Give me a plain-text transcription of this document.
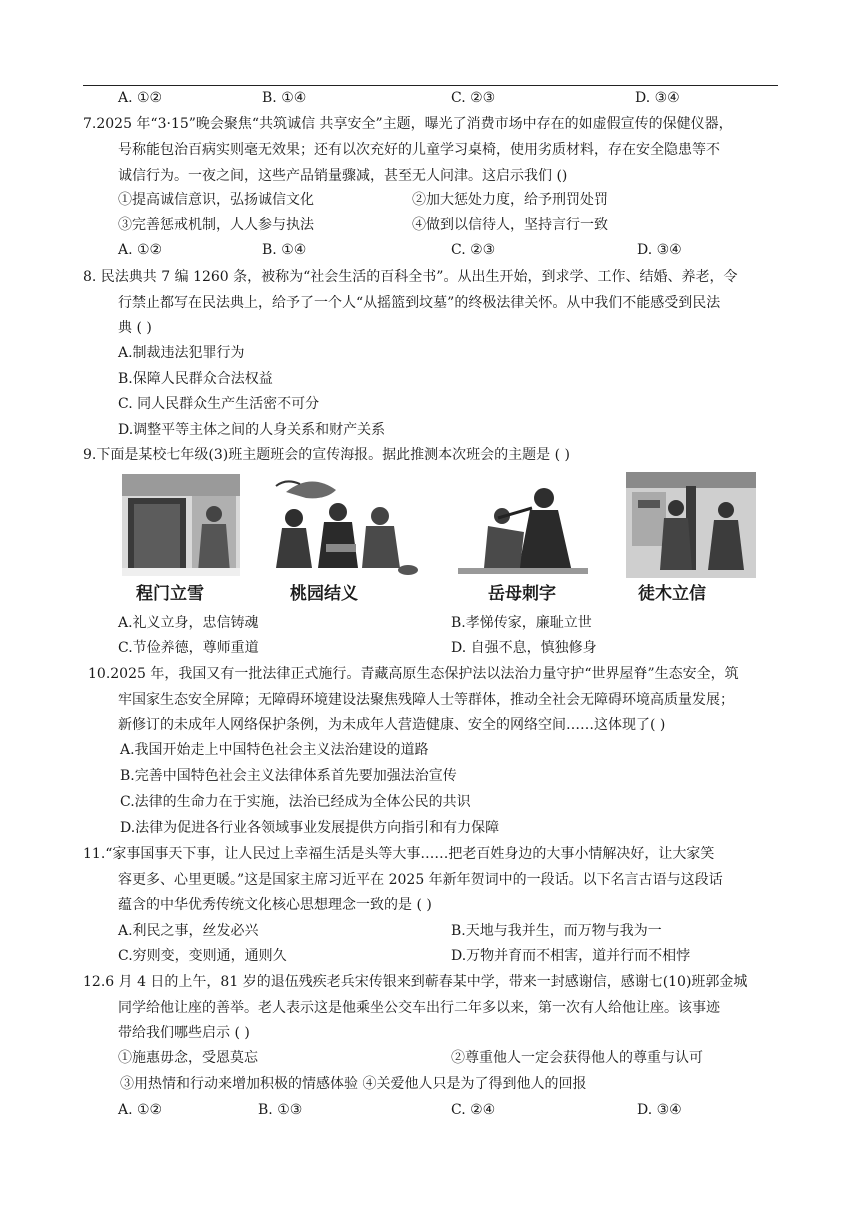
A. ①②	B. ①④	C. ②③	D. ③④
7.2025 年“3·15”晚会聚焦“共筑诚信 共享安全”主题，曝光了消费市场中存在的如虚假宣传的保健仪器，
号称能包治百病实则毫无效果；还有以次充好的儿童学习桌椅，使用劣质材料，存在安全隐患等不
诚信行为。一夜之间，这些产品销量骤减，甚至无人问津。这启示我们 ()
①提高诚信意识，弘扬诚信文化	②加大惩处力度，给予刑罚处罚
③完善惩戒机制，人人参与执法	④做到以信待人，坚持言行一致
A. ①②	B. ①④	C. ②③	D. ③④
8. 民法典共 7 编 1260 条，被称为“社会生活的百科全书”。从出生开始，到求学、工作、结婚、养老，令
行禁止都写在民法典上，给予了一个人“从摇篮到坟墓”的终极法律关怀。从中我们不能感受到民法
典 ( )
A.制裁违法犯罪行为
B.保障人民群众合法权益
C. 同人民群众生产生活密不可分
D.调整平等主体之间的人身关系和财产关系
9.下面是某校七年级(3)班主题班会的宣传海报。据此推测本次班会的主题是 ( )
程门立雪	桃园结义	岳母刺字	徒木立信
A.礼义立身，忠信铸魂	B.孝悌传家，廉耻立世
C.节俭养德，尊师重道	D. 自强不息，慎独修身
10.2025 年，我国又有一批法律正式施行。青藏高原生态保护法以法治力量守护“世界屋脊”生态安全，筑
牢国家生态安全屏障；无障碍环境建设法聚焦残障人士等群体，推动全社会无障碍环境高质量发展；
新修订的未成年人网络保护条例，为未成年人营造健康、安全的网络空间……这体现了( )
A.我国开始走上中国特色社会主义法治建设的道路
B.完善中国特色社会主义法律体系首先要加强法治宣传
C.法律的生命力在于实施，法治已经成为全体公民的共识
D.法律为促进各行业各领域事业发展提供方向指引和有力保障
11.“家事国事天下事，让人民过上幸福生活是头等大事……把老百姓身边的大事小情解决好，让大家笑
容更多、心里更暖。”这是国家主席习近平在 2025 年新年贺词中的一段话。以下名言古语与这段话
蕴含的中华优秀传统文化核心思想理念一致的是 ( )
A.利民之事，丝发必兴	B.天地与我并生，而万物与我为一
C.穷则变，变则通，通则久	D.万物并育而不相害，道并行而不相悖
12.6 月 4 日的上午，81 岁的退伍残疾老兵宋传银来到蕲春某中学，带来一封感谢信，感谢七(10)班郭金城
同学给他让座的善举。老人表示这是他乘坐公交车出行二年多以来，第一次有人给他让座。该事迹
带给我们哪些启示 ( )
①施惠毋念，受恩莫忘	②尊重他人一定会获得他人的尊重与认可
③用热情和行动来增加积极的情感体验 ④关爱他人只是为了得到他人的回报
A. ①②	B. ①③	C. ②④	D. ③④
